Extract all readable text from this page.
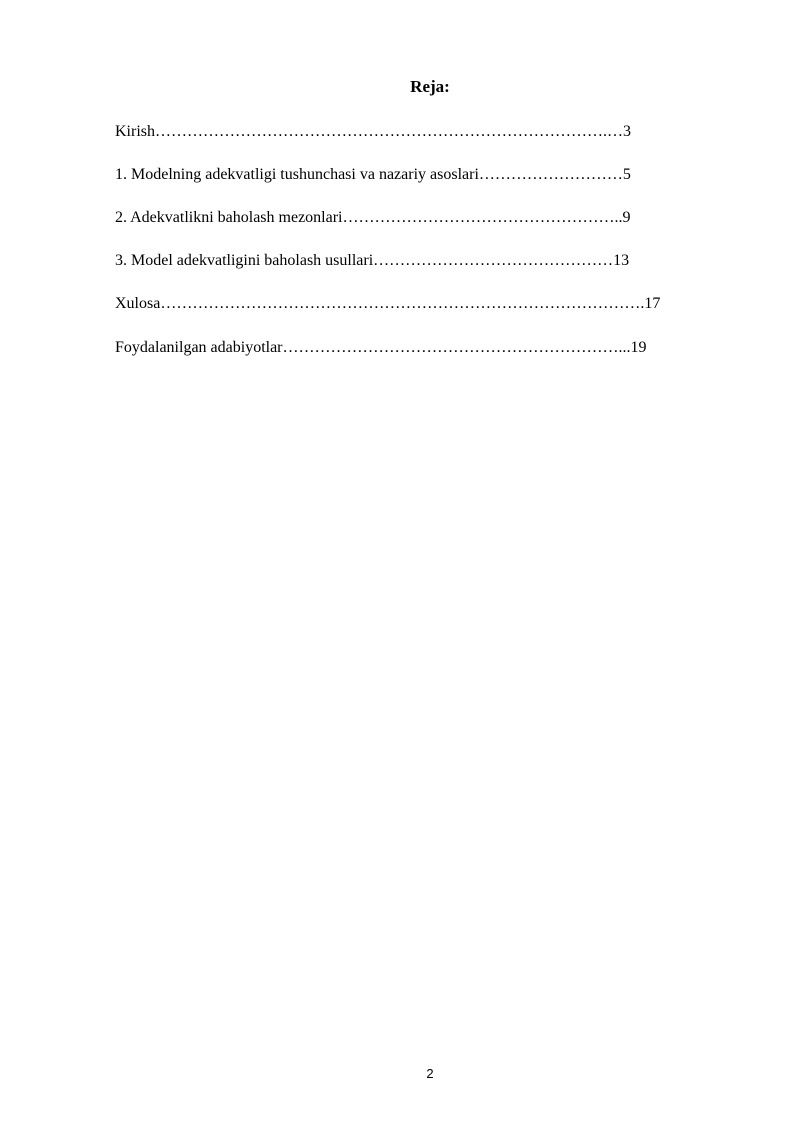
Reja:
Kirish………………………………………………………………………….…3
1. Modelning adekvatligi tushunchasi va nazariy asoslari………………………5
2. Adekvatlikni baholash mezonlari……………………………………………..9
3. Model adekvatligini baholash usullari………………………………………13
Xulosa……………………………………………………………………………….17
Foydalanilgan adabiyotlar………………………………………………………...19
2
